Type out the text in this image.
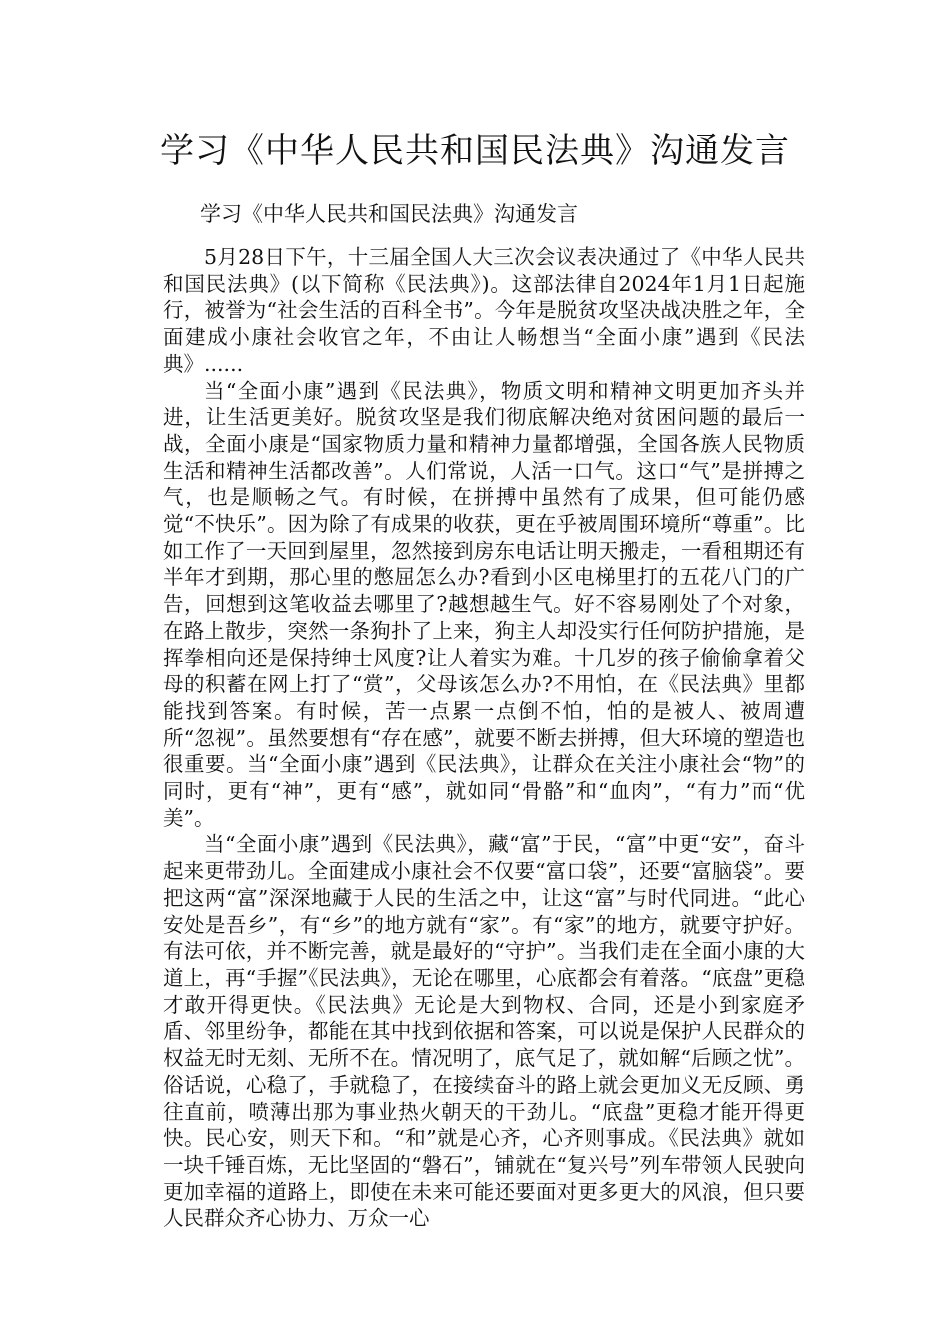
学习《中华人民共和国民法典》沟通发言

学习《中华人民共和国民法典》沟通发言

5月28日下午，十三届全国人大三次会议表决通过了《中华人民共和国民法典》(以下简称《民法典》)。这部法律自2024年1月1日起施行，被誉为“社会生活的百科全书”。今年是脱贫攻坚决战决胜之年，全面建成小康社会收官之年，不由让人畅想当“全面小康”遇到《民法典》......

当“全面小康”遇到《民法典》，物质文明和精神文明更加齐头并进，让生活更美好。脱贫攻坚是我们彻底解决绝对贫困问题的最后一战，全面小康是“国家物质力量和精神力量都增强，全国各族人民物质生活和精神生活都改善”。人们常说，人活一口气。这口“气”是拼搏之气，也是顺畅之气。有时候，在拼搏中虽然有了成果，但可能仍感觉“不快乐”。因为除了有成果的收获，更在乎被周围环境所“尊重”。比如工作了一天回到屋里，忽然接到房东电话让明天搬走，一看租期还有半年才到期，那心里的憋屈怎么办?看到小区电梯里打的五花八门的广告，回想到这笔收益去哪里了?越想越生气。好不容易刚处了个对象，在路上散步，突然一条狗扑了上来，狗主人却没实行任何防护措施，是挥拳相向还是保持绅士风度?让人着实为难。十几岁的孩子偷偷拿着父母的积蓄在网上打了“赏”，父母该怎么办?不用怕，在《民法典》里都能找到答案。有时候，苦一点累一点倒不怕，怕的是被人、被周遭所“忽视”。虽然要想有“存在感”，就要不断去拼搏，但大环境的塑造也很重要。当“全面小康”遇到《民法典》，让群众在关注小康社会“物”的同时，更有“神”，更有“感”，就如同“骨骼”和“血肉”，“有力”而“优美”。

当“全面小康”遇到《民法典》，藏“富”于民，“富”中更“安”，奋斗起来更带劲儿。全面建成小康社会不仅要“富口袋”，还要“富脑袋”。要把这两“富”深深地藏于人民的生活之中，让这“富”与时代同进。“此心安处是吾乡”，有“乡”的地方就有“家”。有“家”的地方，就要守护好。有法可依，并不断完善，就是最好的“守护”。当我们走在全面小康的大道上，再“手握”《民法典》，无论在哪里，心底都会有着落。“底盘”更稳才敢开得更快。《民法典》无论是大到物权、合同，还是小到家庭矛盾、邻里纷争，都能在其中找到依据和答案，可以说是保护人民群众的权益无时无刻、无所不在。情况明了，底气足了，就如解“后顾之忧”。俗话说，心稳了，手就稳了，在接续奋斗的路上就会更加义无反顾、勇往直前，喷薄出那为事业热火朝天的干劲儿。“底盘”更稳才能开得更快。民心安，则天下和。“和”就是心齐，心齐则事成。《民法典》就如一块千锤百炼，无比坚固的“磐石”，铺就在“复兴号”列车带领人民驶向更加幸福的道路上，即使在未来可能还要面对更多更大的风浪，但只要人民群众齐心协力、万众一心
